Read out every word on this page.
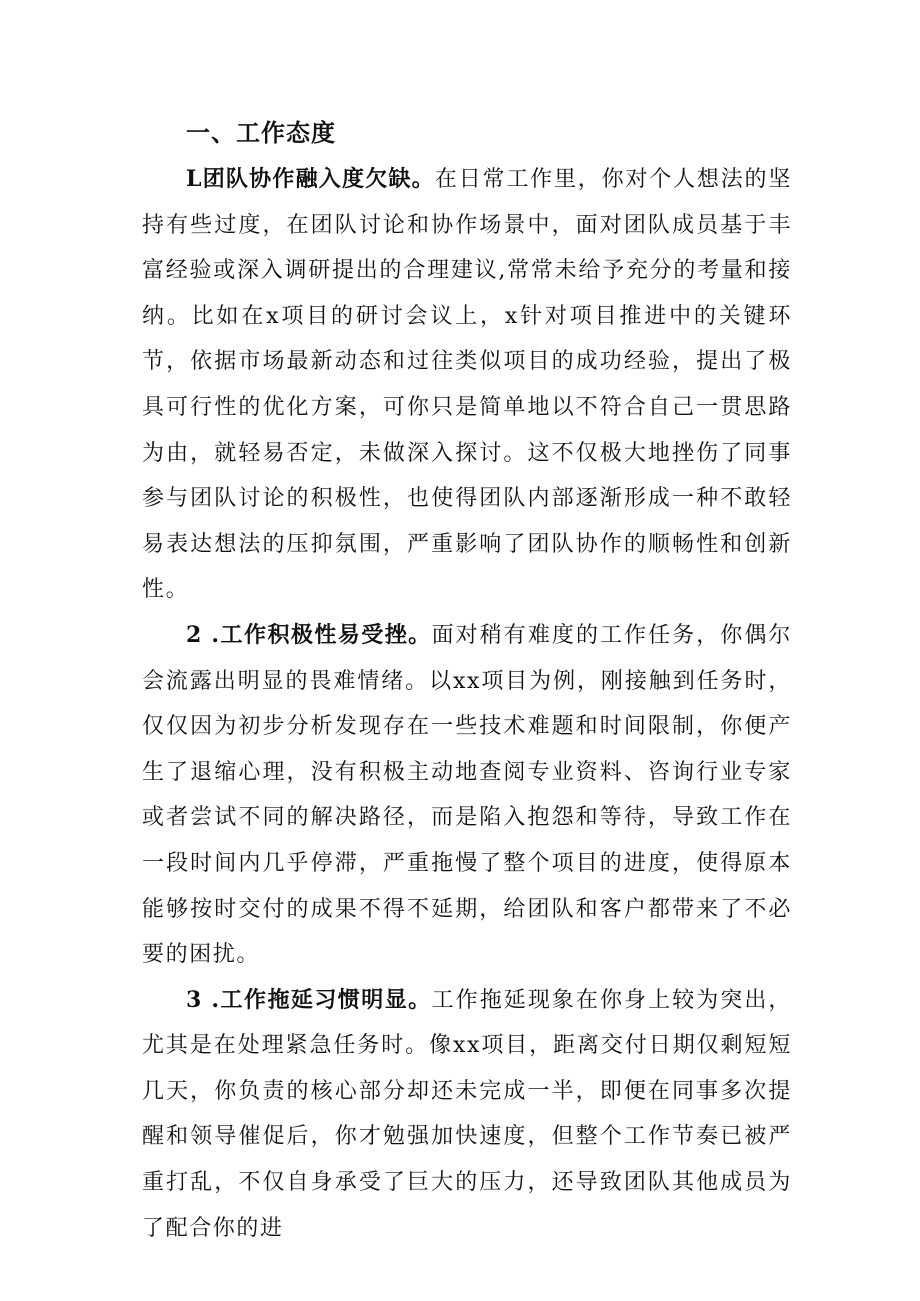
一、工作态度

L团队协作融入度欠缺。在日常工作里，你对个人想法的坚持有些过度，在团队讨论和协作场景中，面对团队成员基于丰富经验或深入调研提出的合理建议,常常未给予充分的考量和接纳。比如在x项目的研讨会议上，x针对项目推进中的关键环节，依据市场最新动态和过往类似项目的成功经验，提出了极具可行性的优化方案，可你只是简单地以不符合自己一贯思路为由，就轻易否定，未做深入探讨。这不仅极大地挫伤了同事参与团队讨论的积极性，也使得团队内部逐渐形成一种不敢轻易表达想法的压抑氛围，严重影响了团队协作的顺畅性和创新性。

2 .工作积极性易受挫。面对稍有难度的工作任务，你偶尔会流露出明显的畏难情绪。以xx项目为例，刚接触到任务时，仅仅因为初步分析发现存在一些技术难题和时间限制，你便产生了退缩心理，没有积极主动地查阅专业资料、咨询行业专家或者尝试不同的解决路径，而是陷入抱怨和等待，导致工作在一段时间内几乎停滞，严重拖慢了整个项目的进度，使得原本能够按时交付的成果不得不延期，给团队和客户都带来了不必要的困扰。

3 .工作拖延习惯明显。工作拖延现象在你身上较为突出，尤其是在处理紧急任务时。像xx项目，距离交付日期仅剩短短几天，你负责的核心部分却还未完成一半，即便在同事多次提醒和领导催促后，你才勉强加快速度，但整个工作节奏已被严重打乱，不仅自身承受了巨大的压力，还导致团队其他成员为了配合你的进
